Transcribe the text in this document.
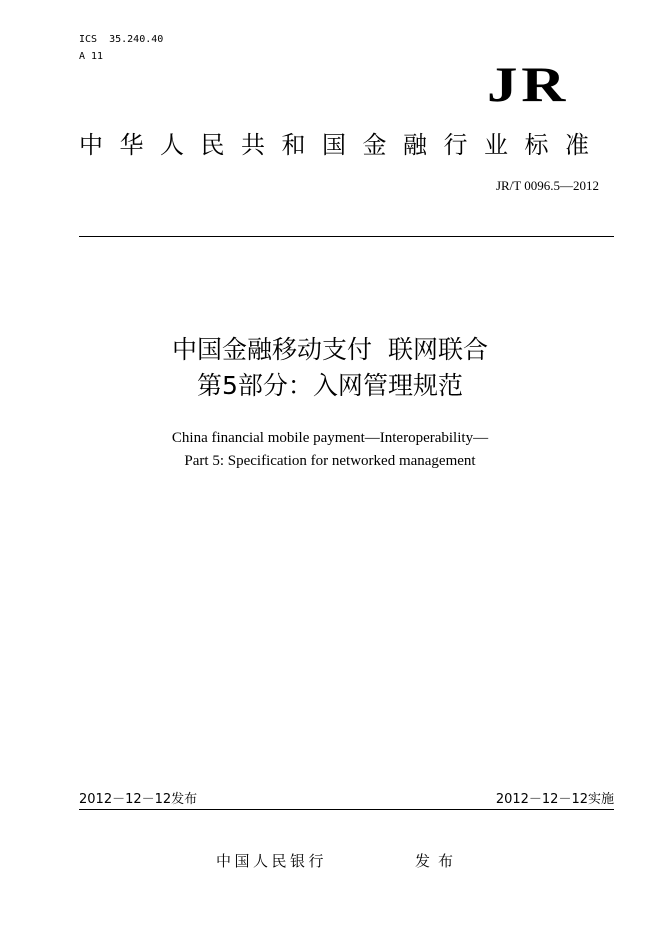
ICS  35.240.40
A 11	JR
中华人民共和国金融行业标准
JR/T 0096.5—2012
中国金融移动支付  联网联合
第5部分：入网管理规范
China financial mobile payment—Interoperability—
Part 5: Specification for networked management
2012－12－12发布	2012－12－12实施
中国人民银行	发布
